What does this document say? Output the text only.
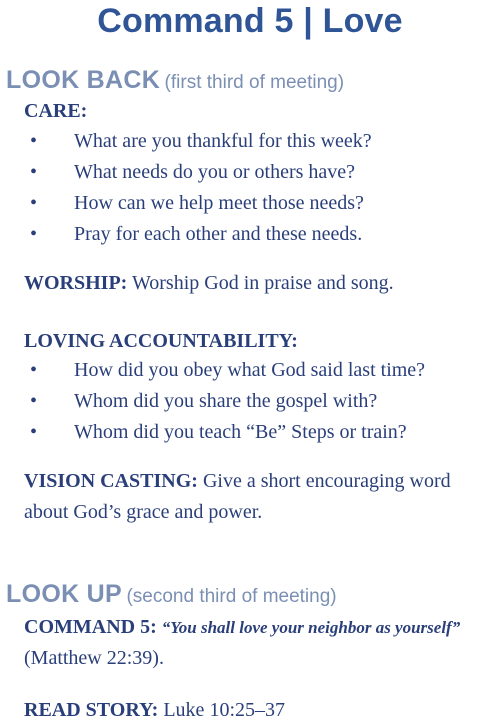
Command 5 | Love
LOOK BACK (first third of meeting)
CARE:
• What are you thankful for this week?
• What needs do you or others have?
• How can we help meet those needs?
• Pray for each other and these needs.
WORSHIP: Worship God in praise and song.
LOVING ACCOUNTABILITY:
• How did you obey what God said last time?
• Whom did you share the gospel with?
• Whom did you teach “Be” Steps or train?
VISION CASTING: Give a short encouraging word
about God’s grace and power.
LOOK UP (second third of meeting)
COMMAND 5: “You shall love your neighbor as yourself”
(Matthew 22:39).
READ STORY: Luke 10:25–37
